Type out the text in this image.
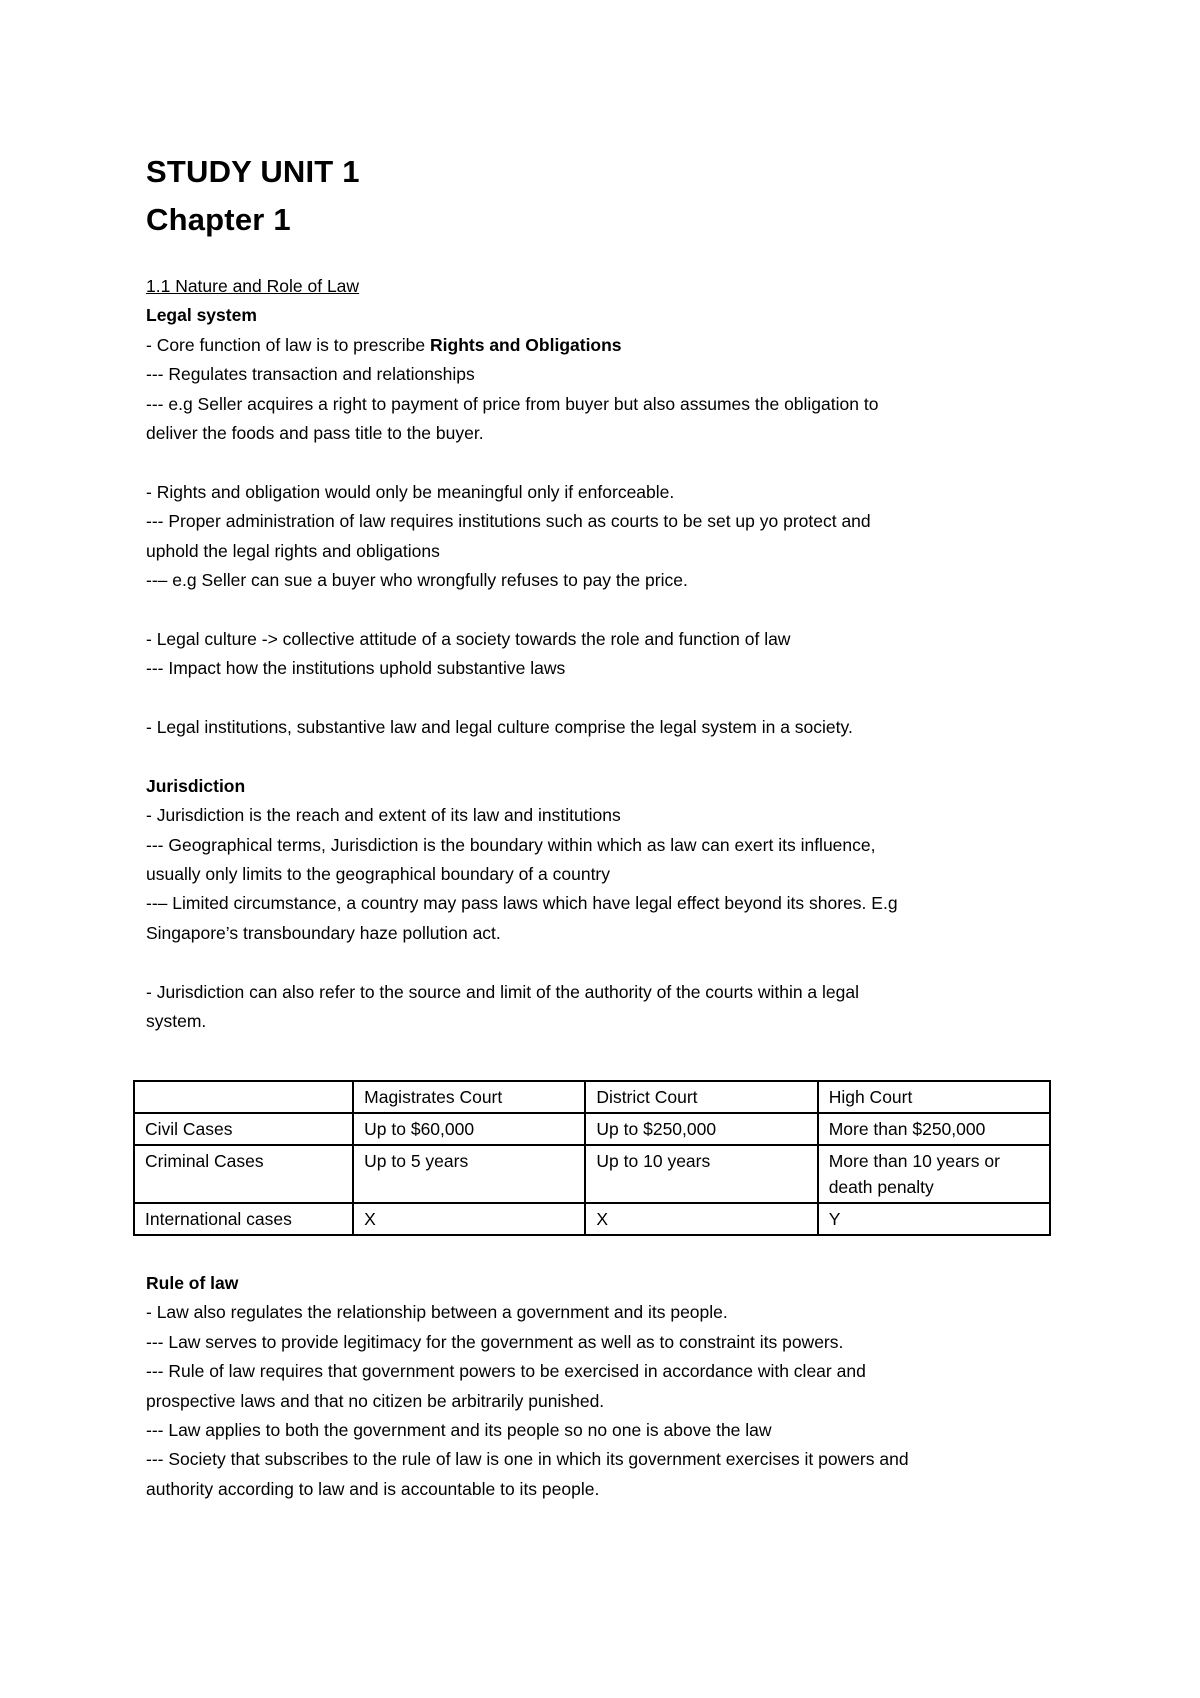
STUDY UNIT 1
Chapter 1
1.1 Nature and Role of Law
Legal system
- Core function of law is to prescribe Rights and Obligations
--- Regulates transaction and relationships
--- e.g Seller acquires a right to payment of price from buyer but also assumes the obligation to
deliver the foods and pass title to the buyer.
- Rights and obligation would only be meaningful only if enforceable.
--- Proper administration of law requires institutions such as courts to be set up yo protect and
uphold the legal rights and obligations
--– e.g Seller can sue a buyer who wrongfully refuses to pay the price.
- Legal culture -> collective attitude of a society towards the role and function of law
--- Impact how the institutions uphold substantive laws
- Legal institutions, substantive law and legal culture comprise the legal system in a society.
Jurisdiction
- Jurisdiction is the reach and extent of its law and institutions
--- Geographical terms, Jurisdiction is the boundary within which as law can exert its influence,
usually only limits to the geographical boundary of a country
--– Limited circumstance, a country may pass laws which have legal effect beyond its shores. E.g
Singapore’s transboundary haze pollution act.
- Jurisdiction can also refer to the source and limit of the authority of the courts within a legal
system.
	Magistrates Court	District Court	High Court
Civil Cases	Up to $60,000	Up to $250,000	More than $250,000
Criminal Cases	Up to 5 years	Up to 10 years	More than 10 years or death penalty
International cases	X	X	Y
Rule of law
- Law also regulates the relationship between a government and its people.
--- Law serves to provide legitimacy for the government as well as to constraint its powers.
--- Rule of law requires that government powers to be exercised in accordance with clear and
prospective laws and that no citizen be arbitrarily punished.
--- Law applies to both the government and its people so no one is above the law
--- Society that subscribes to the rule of law is one in which its government exercises it powers and
authority according to law and is accountable to its people.
